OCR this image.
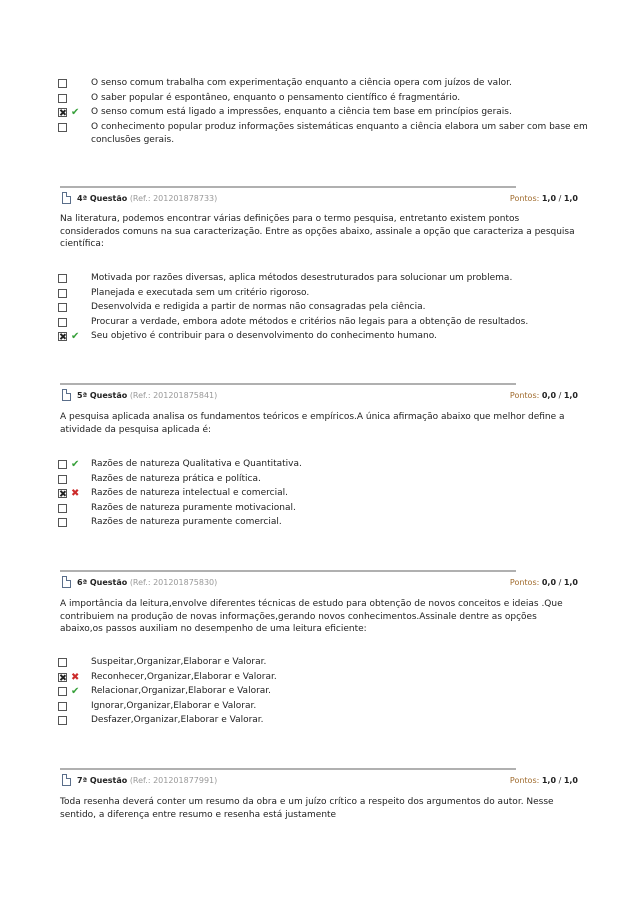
O senso comum trabalha com experimentação enquanto a ciência opera com juízos de valor.
O saber popular é espontâneo, enquanto o pensamento científico é fragmentário.
✔ O senso comum está ligado a impressões, enquanto a ciência tem base em princípios gerais.
O conhecimento popular produz informações sistemáticas enquanto a ciência elabora um saber com base em conclusões gerais.
4ª Questão (Ref.: 201201878733)	Pontos: 1,0 / 1,0
Na literatura, podemos encontrar várias definições para o termo pesquisa, entretanto existem pontos considerados comuns na sua caracterização. Entre as opções abaixo, assinale a opção que caracteriza a pesquisa científica:
Motivada por razões diversas, aplica métodos desestruturados para solucionar um problema.
Planejada e executada sem um critério rigoroso.
Desenvolvida e redigida a partir de normas não consagradas pela ciência.
Procurar a verdade, embora adote métodos e critérios não legais para a obtenção de resultados.
✔ Seu objetivo é contribuir para o desenvolvimento do conhecimento humano.
5ª Questão (Ref.: 201201875841)	Pontos: 0,0 / 1,0
A pesquisa aplicada analisa os fundamentos teóricos e empíricos.A única afirmação abaixo que melhor define a atividade da pesquisa aplicada é:
✔ Razões de natureza Qualitativa e Quantitativa.
Razões de natureza prática e política.
✖ Razões de natureza intelectual e comercial.
Razões de natureza puramente motivacional.
Razões de natureza puramente comercial.
6ª Questão (Ref.: 201201875830)	Pontos: 0,0 / 1,0
A importância da leitura,envolve diferentes técnicas de estudo para obtenção de novos conceitos e ideias .Que contribuiem na produção de novas informações,gerando novos conhecimentos.Assinale dentre as opções abaixo,os passos auxiliam no desempenho de uma leitura eficiente:
Suspeitar,Organizar,Elaborar e Valorar.
✖ Reconhecer,Organizar,Elaborar e Valorar.
✔ Relacionar,Organizar,Elaborar e Valorar.
Ignorar,Organizar,Elaborar e Valorar.
Desfazer,Organizar,Elaborar e Valorar.
7ª Questão (Ref.: 201201877991)	Pontos: 1,0 / 1,0
Toda resenha deverá conter um resumo da obra e um juízo crítico a respeito dos argumentos do autor. Nesse sentido, a diferença entre resumo e resenha está justamente
